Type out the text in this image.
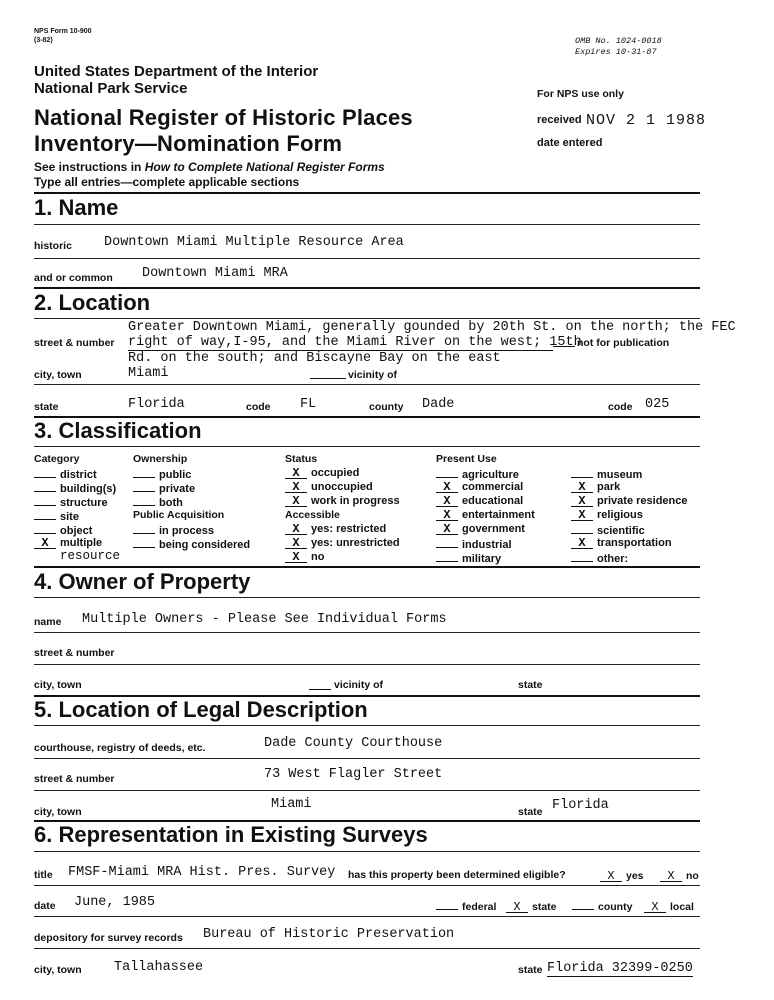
NPS Form 10-900
(3-82)	OMB No. 1024-0018
Expires 10-31-87
United States Department of the Interior
National Park Service
National Register of Historic Places
Inventory—Nomination Form
See instructions in How to Complete National Register Forms
Type all entries—complete applicable sections
For NPS use only
received NOV 2 1 1988
date entered
1. Name
historic Downtown Miami Multiple Resource Area
and or common Downtown Miami MRA
2. Location
Greater Downtown Miami, generally gounded by 20th St. on the north; the FEC
street & number right of way,I-95, and the Miami River on the west; 15th
not for publication
Rd. on the south; and Biscayne Bay on the east
city, town	Miami	vicinity of
state	Florida	code FL	county Dade	code 025
3. Classification
Category
district
building(s)
structure
site
object
X multiple
resource
Ownership
public
private
both
Public Acquisition
in process
being considered
Status
X occupied
X unoccupied
X work in progress
Accessible
X yes: restricted
X yes: unrestricted
X no
Present Use
agriculture
X commercial
X educational
X entertainment
X government
industrial
military
museum
X park
X private residence
X religious
scientific
X transportation
other:
4. Owner of Property
name Multiple Owners - Please See Individual Forms
street & number
city, town	vicinity of	state
5. Location of Legal Description
courthouse, registry of deeds, etc.	Dade County Courthouse
street & number	73 West Flagler Street
city, town	Miami	state Florida
6. Representation in Existing Surveys
title FMSF-Miami MRA Hist. Pres. Survey has this property been determined eligible?	X yes	X no
date June, 1985	federal	X state	county	X local
depository for survey records Bureau of Historic Preservation
city, town Tallahassee	state Florida 32399-0250
